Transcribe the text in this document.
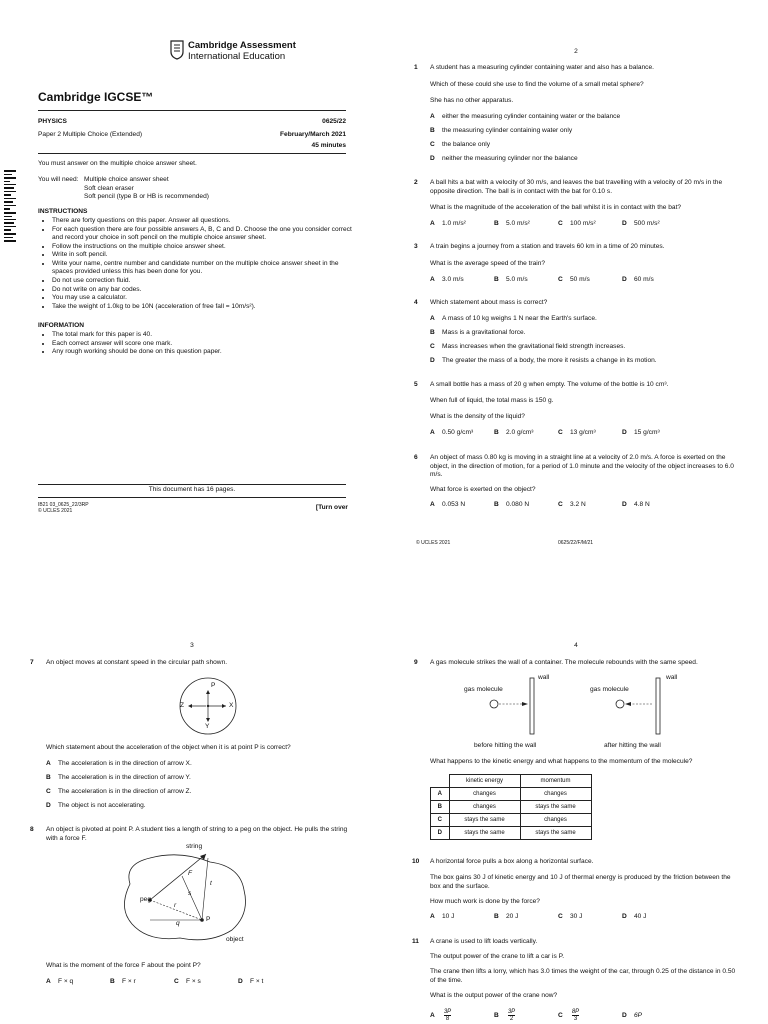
Cambridge Assessment
International Education
Cambridge IGCSE™
PHYSICS	0625/22
Paper 2 Multiple Choice (Extended)	February/March 2021
45 minutes
You must answer on the multiple choice answer sheet.
You will need: Multiple choice answer sheet
Soft clean eraser
Soft pencil (type B or HB is recommended)
INSTRUCTIONS
• There are forty questions on this paper. Answer all questions.
• For each question there are four possible answers A, B, C and D. Choose the one you consider correct and record your choice in soft pencil on the multiple choice answer sheet.
• Follow the instructions on the multiple choice answer sheet.
• Write in soft pencil.
• Write your name, centre number and candidate number on the multiple choice answer sheet in the spaces provided unless this has been done for you.
• Do not use correction fluid.
• Do not write on any bar codes.
• You may use a calculator.
• Take the weight of 1.0kg to be 10N (acceleration of free fall = 10m/s²).
INFORMATION
• The total mark for this paper is 40.
• Each correct answer will score one mark.
• Any rough working should be done on this question paper.
This document has 16 pages.
IB21 03_0625_22/3RP
© UCLES 2021	[Turn over
2
1 A student has a measuring cylinder containing water and also has a balance.
Which of these could she use to find the volume of a small metal sphere?
She has no other apparatus.
A either the measuring cylinder containing water or the balance
B the measuring cylinder containing water only
C the balance only
D neither the measuring cylinder nor the balance
2 A ball hits a bat with a velocity of 30 m/s, and leaves the bat travelling with a velocity of 20 m/s in the opposite direction. The ball is in contact with the bat for 0.10 s.
What is the magnitude of the acceleration of the ball whilst it is in contact with the bat?
A 1.0 m/s²	B 5.0 m/s²	C 100 m/s²	D 500 m/s²
3 A train begins a journey from a station and travels 60 km in a time of 20 minutes.
What is the average speed of the train?
A 3.0 m/s	B 5.0 m/s	C 50 m/s	D 60 m/s
4 Which statement about mass is correct?
A A mass of 10 kg weighs 1 N near the Earth's surface.
B Mass is a gravitational force.
C Mass increases when the gravitational field strength increases.
D The greater the mass of a body, the more it resists a change in its motion.
5 A small bottle has a mass of 20 g when empty. The volume of the bottle is 10 cm³.
When full of liquid, the total mass is 150 g.
What is the density of the liquid?
A 0.50 g/cm³	B 2.0 g/cm³	C 13 g/cm³	D 15 g/cm³
6 An object of mass 0.80 kg is moving in a straight line at a velocity of 2.0 m/s. A force is exerted on the object, in the direction of motion, for a period of 1.0 minute and the velocity of the object increases to 6.0 m/s.
What force is exerted on the object?
A 0.053 N	B 0.080 N	C 3.2 N	D 4.8 N
© UCLES 2021	0625/22/F/M/21
3
7 An object moves at constant speed in the circular path shown.
Z	X
P
Y
Which statement about the acceleration of the object when it is at point P is correct?
A The acceleration is in the direction of arrow X.
B The acceleration is in the direction of arrow Y.
C The acceleration is in the direction of arrow Z.
D The object is not accelerating.
8 An object is pivoted at point P. A student ties a length of string to a peg on the object. He pulls the string with a force F.
string
peg
object
F
s
t
r
q
P
What is the moment of the force F about the point P?
A F × q	B F × r	C F × s	D F × t
4
9 A gas molecule strikes the wall of a container. The molecule rebounds with the same speed.
wall
gas molecule
before hitting the wall
wall
gas molecule
after hitting the wall
What happens to the kinetic energy and what happens to the momentum of the molecule?
	kinetic energy	momentum
A	changes	changes
B	changes	stays the same
C	stays the same	changes
D	stays the same	stays the same
10 A horizontal force pulls a box along a horizontal surface.
The box gains 30 J of kinetic energy and 10 J of thermal energy is produced by the friction between the box and the surface.
How much work is done by the force?
A 10 J	B 20 J	C 30 J	D 40 J
11 A crane is used to lift loads vertically.
The output power of the crane to lift a car is P.
The crane then lifts a lorry, which has 3.0 times the weight of the car, through 0.25 of the distance in 0.50 of the time.
What is the output power of the crane now?
A $\frac{3P}{8}$	B $\frac{3P}{2}$	C $\frac{8P}{3}$	D 6P
